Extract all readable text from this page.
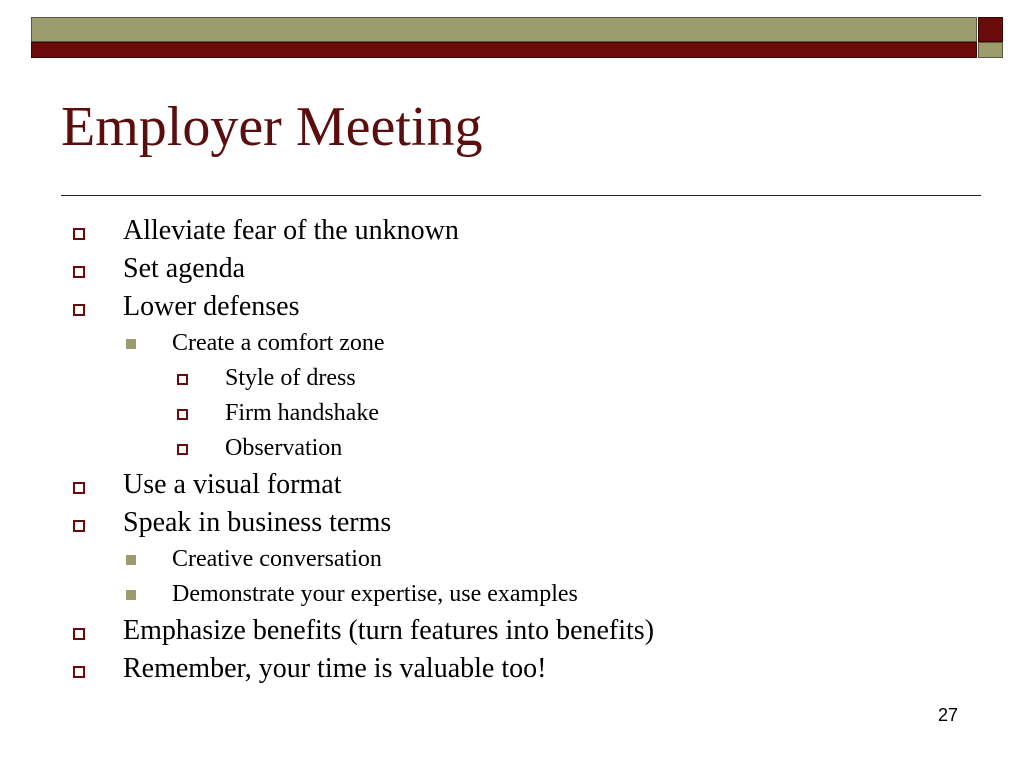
Employer Meeting
Alleviate fear of the unknown
Set agenda
Lower defenses
Create a comfort zone
Style of dress
Firm handshake
Observation
Use a visual format
Speak in business terms
Creative conversation
Demonstrate your expertise, use examples
Emphasize benefits (turn features into benefits)
Remember, your time is valuable too!
27
